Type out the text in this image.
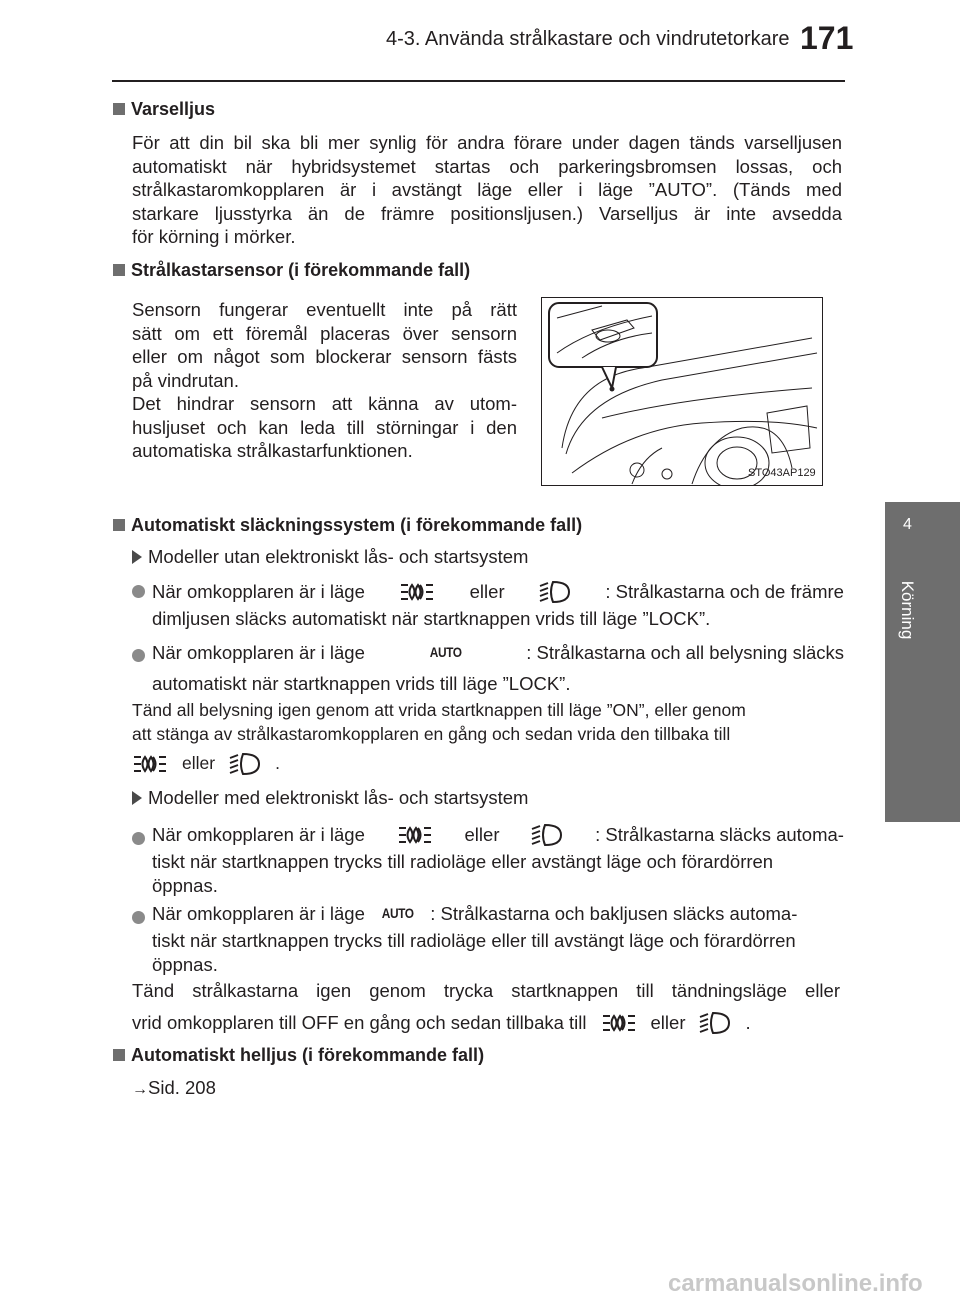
4-3. Använda strålkastare och vindrutetorkare 171
4
Körning
Varselljus
För att din bil ska bli mer synlig för andra förare under dagen tänds varselljusen
automatiskt när hybridsystemet startas och parkeringsbromsen lossas, och
strålkastaromkopplaren är i avstängt läge eller i läge ”AUTO”. (Tänds med
starkare ljusstyrka än de främre positionsljusen.) Varselljus är inte avsedda
för körning i mörker.
Strålkastarsensor (i förekommande fall)
Sensorn fungerar eventuellt inte på rätt
sätt om ett föremål placeras över sensorn
eller om något som blockerar sensorn fästs
på vindrutan.
Det hindrar sensorn att känna av utom-
husljuset och kan leda till störningar i den
automatiska strålkastarfunktionen.
STO43AP129
Automatiskt släckningssystem (i förekommande fall)
Modeller utan elektroniskt lås- och startsystem
När omkopplaren är i läge	eller	: Strålkastarna och de främre
dimljusen släcks automatiskt när startknappen vrids till läge ”LOCK”.
När omkopplaren är i läge	AUTO	: Strålkastarna och all belysning släcks
automatiskt när startknappen vrids till läge ”LOCK”.
Tänd all belysning igen genom att vrida startknappen till läge ”ON”, eller genom
att stänga av strålkastaromkopplaren en gång och sedan vrida den tillbaka till
eller	.
Modeller med elektroniskt lås- och startsystem
När omkopplaren är i läge	eller	: Strålkastarna släcks automa-
tiskt när startknappen trycks till radioläge eller avstängt läge och förardörren
öppnas.
När omkopplaren är i läge AUTO : Strålkastarna och bakljusen släcks automa-
tiskt när startknappen trycks till radioläge eller till avstängt läge och förardörren
öppnas.
Tänd strålkastarna igen genom trycka startknappen till tändningsläge eller
vrid omkopplaren till OFF en gång och sedan tillbaka till	eller	.
Automatiskt helljus (i förekommande fall)
→Sid. 208
carmanualsonline.info
